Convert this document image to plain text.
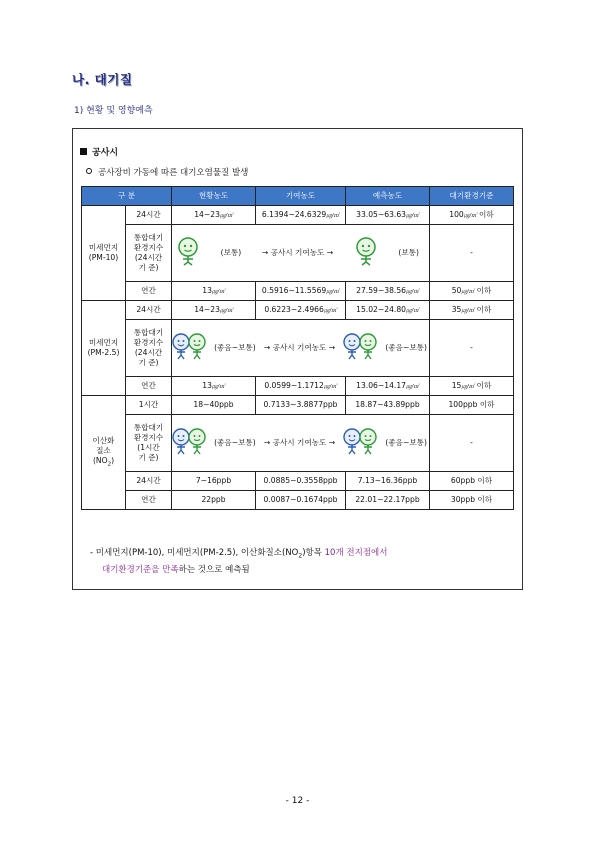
나. 대기질
1) 현황 및 영향예측
공사시
공사장비 가동에 따른 대기오염물질 발생
구 분		현황농도	기여농도	예측농도	대기환경기준
미세먼지
(PM-10)	24시간	14~23㎍/㎥	6.1394~24.6329㎍/㎥	33.05~63.63㎍/㎥	100㎍/㎥ 이하
	통합대기
환경지수
(24시간
기 준)	(보통) → 공사시 기여농도 → (보통)			-
	연간	13㎍/㎥	0.5916~11.5569㎍/㎥	27.59~38.56㎍/㎥	50㎍/㎥ 이하
미세먼지
(PM-2.5)	24시간	14~23㎍/㎥	0.6223~2.4966㎍/㎥	15.02~24.80㎍/㎥	35㎍/㎥ 이하
	통합대기
환경지수
(24시간
기 준)	(좋음~보통) → 공사시 기여농도 → (좋음~보통)			-
	연간	13㎍/㎥	0.0599~1.1712㎍/㎥	13.06~14.17㎍/㎥	15㎍/㎥ 이하
이산화
질소
$(NO_2)$	1시간	18~40ppb	0.7133~3.8877ppb	18.87~43.89ppb	100ppb 이하
	통합대기
환경지수
(1시간
기 준)	(좋음~보통) → 공사시 기여농도 → (좋음~보통)			-
	24시간	7~16ppb	0.0885~0.3558ppb	7.13~16.36ppb	60ppb 이하
	연간	22ppb	0.0087~0.1674ppb	22.01~22.17ppb	30ppb 이하
- 미세먼지(PM-10), 미세먼지(PM-2.5), 이산화질소$(NO_2)$항목 10개 전지점에서
대기환경기준을 만족하는 것으로 예측됨
- 12 -
